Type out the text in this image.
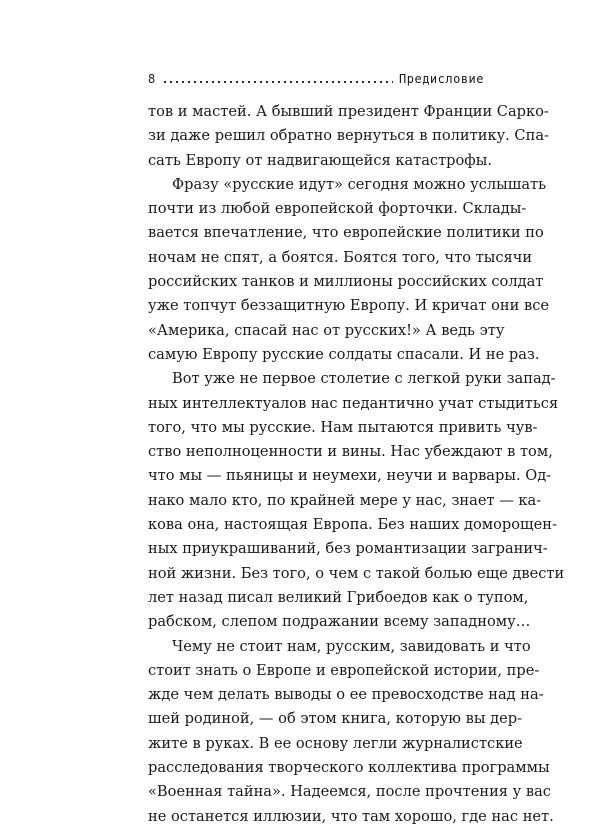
8	Предисловие
тов и мастей. А бывший президент Франции Сарко-
зи даже решил обратно вернуться в политику. Спа-
сать Европу от надвигающейся катастрофы.
Фразу «русские идут» сегодня можно услышать
почти из любой европейской форточки. Склады-
вается впечатление, что европейские политики по
ночам не спят, а боятся. Боятся того, что тысячи
российских танков и миллионы российских солдат
уже топчут беззащитную Европу. И кричат они все
«Америка, спасай нас от русских!» А ведь эту
самую Европу русские солдаты спасали. И не раз.
Вот уже не первое столетие с легкой руки запад-
ных интеллектуалов нас педантично учат стыдиться
того, что мы русские. Нам пытаются привить чув-
ство неполноценности и вины. Нас убеждают в том,
что мы — пьяницы и неумехи, неучи и варвары. Од-
нако мало кто, по крайней мере у нас, знает — ка-
кова она, настоящая Европа. Без наших доморощен-
ных приукрашиваний, без романтизации загранич-
ной жизни. Без того, о чем с такой болью еще двести
лет назад писал великий Грибоедов как о тупом,
рабском, слепом подражании всему западному…
Чему не стоит нам, русским, завидовать и что
стоит знать о Европе и европейской истории, пре-
жде чем делать выводы о ее превосходстве над на-
шей родиной, — об этом книга, которую вы дер-
жите в руках. В ее основу легли журналистские
расследования творческого коллектива программы
«Военная тайна». Надеемся, после прочтения у вас
не останется иллюзии, что там хорошо, где нас нет.
